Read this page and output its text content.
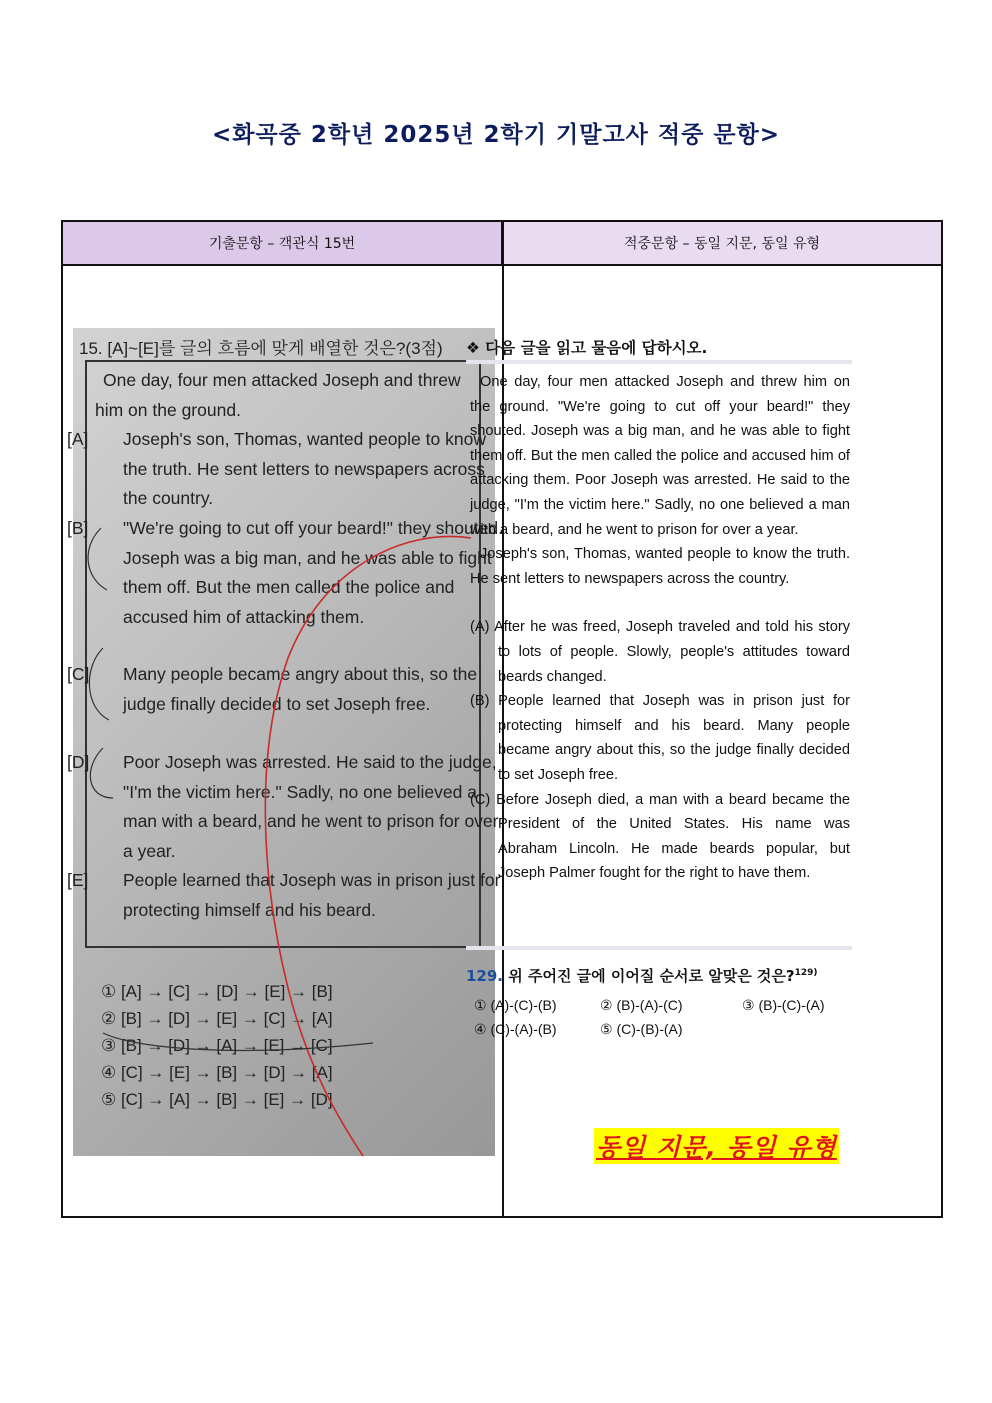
<화곡중 2학년 2025년 2학기 기말고사 적중 문항>
기출문항 – 객관식 15번	적중문항 – 동일 지문, 동일 유형
15. [A]~[E]를 글의 흐름에 맞게 배열한 것은?(3점)
One day, four men attacked Joseph and threw him on the ground.
[A] Joseph's son, Thomas, wanted people to know the truth. He sent letters to newspapers across the country.
[B] "We're going to cut off your beard!" they shouted. Joseph was a big man, and he was able to fight them off. But the men called the police and accused him of attacking them.
[C] Many people became angry about this, so the judge finally decided to set Joseph free.
[D] Poor Joseph was arrested. He said to the judge, "I'm the victim here." Sadly, no one believed a man with a beard, and he went to prison for over a year.
[E] People learned that Joseph was in prison just for protecting himself and his beard.
① [A] → [C] → [D] → [E] → [B]
② [B] → [D] → [E] → [C] → [A]
③ [B] → [D] → [A] → [E] → [C]
④ [C] → [E] → [B] → [D] → [A]
⑤ [C] → [A] → [B] → [E] → [D]
❖ 다음 글을 읽고 물음에 답하시오.

One day, four men attacked Joseph and threw him on the ground. "We're going to cut off your beard!" they shouted. Joseph was a big man, and he was able to fight them off. But the men called the police and accused him of attacking them. Poor Joseph was arrested. He said to the judge, "I'm the victim here." Sadly, no one believed a man with a beard, and he went to prison for over a year.

Joseph's son, Thomas, wanted people to know the truth. He sent letters to newspapers across the country.

(A) After he was freed, Joseph traveled and told his story to lots of people. Slowly, people's attitudes toward beards changed.

(B) People learned that Joseph was in prison just for protecting himself and his beard. Many people became angry about this, so the judge finally decided to set Joseph free.

(C) Before Joseph died, a man with a beard became the President of the United States. His name was Abraham Lincoln. He made beards popular, but Joseph Palmer fought for the right to have them.

129. 위 주어진 글에 이어질 순서로 알맞은 것은?$^{129)}$
① (A)-(C)-(B)	② (B)-(A)-(C)	③ (B)-(C)-(A)
④ (C)-(A)-(B)	⑤ (C)-(B)-(A)
동일 지문, 동일 유형
